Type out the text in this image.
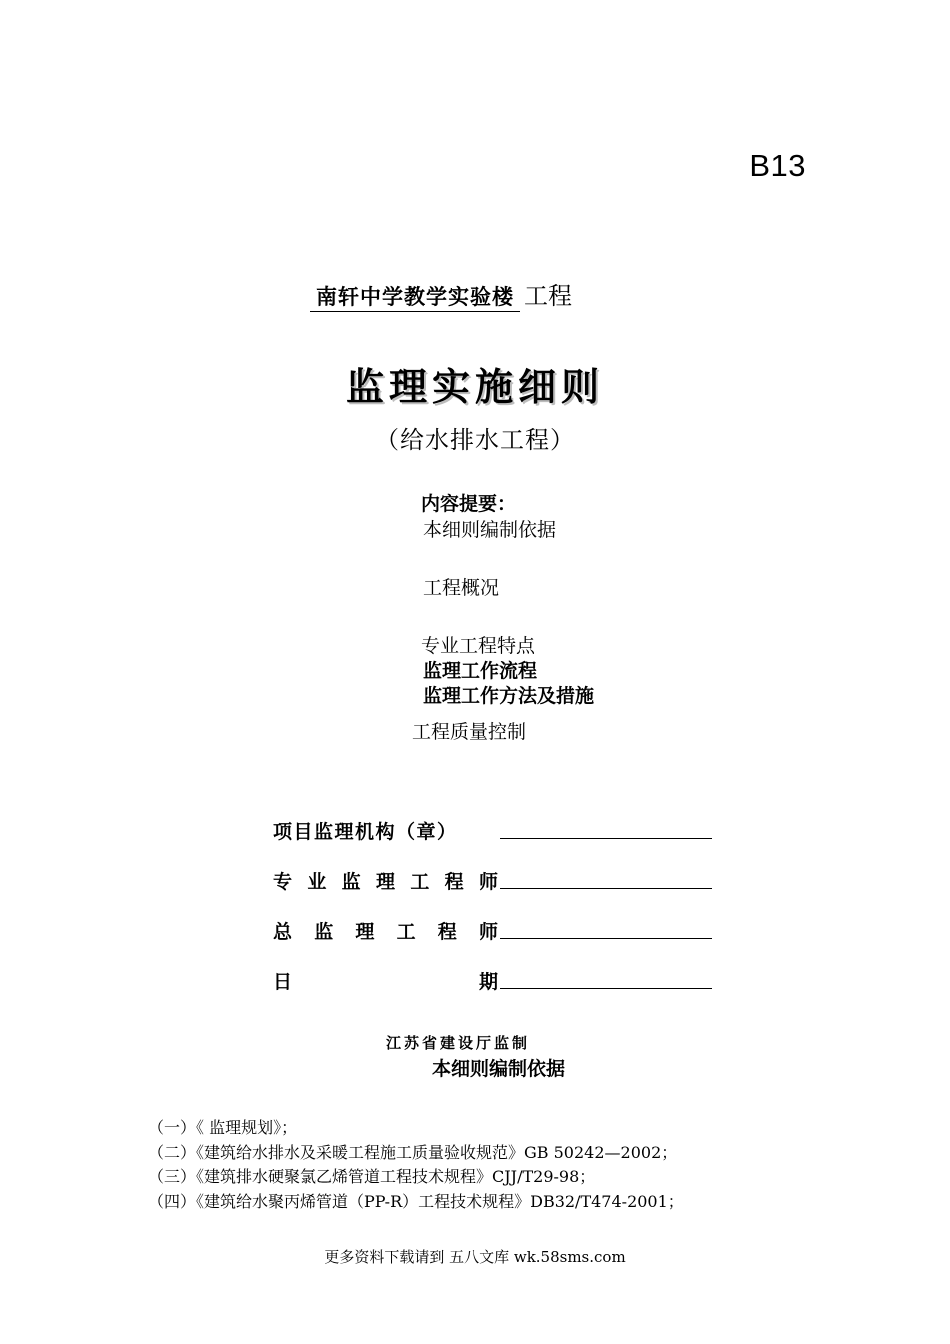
B13
南轩中学教学实验楼 工程
监理实施细则
（给水排水工程）
内容提要：
本细则编制依据
工程概况
专业工程特点
监理工作流程
监理工作方法及措施
工程质量控制
项目监理机构（章）
专 业 监 理 工 程 师
总 监 理 工 程 师
日	期
江苏省建设厅监制
本细则编制依据
（一）《 监理规划》；
（二）《建筑给水排水及采暖工程施工质量验收规范》GB 50242—2002；
（三）《建筑排水硬聚氯乙烯管道工程技术规程》CJJ/T29-98；
（四）《建筑给水聚丙烯管道（PP-R）工程技术规程》DB32/T474-2001；
更多资料下载请到 五八文库 wk.58sms.com
